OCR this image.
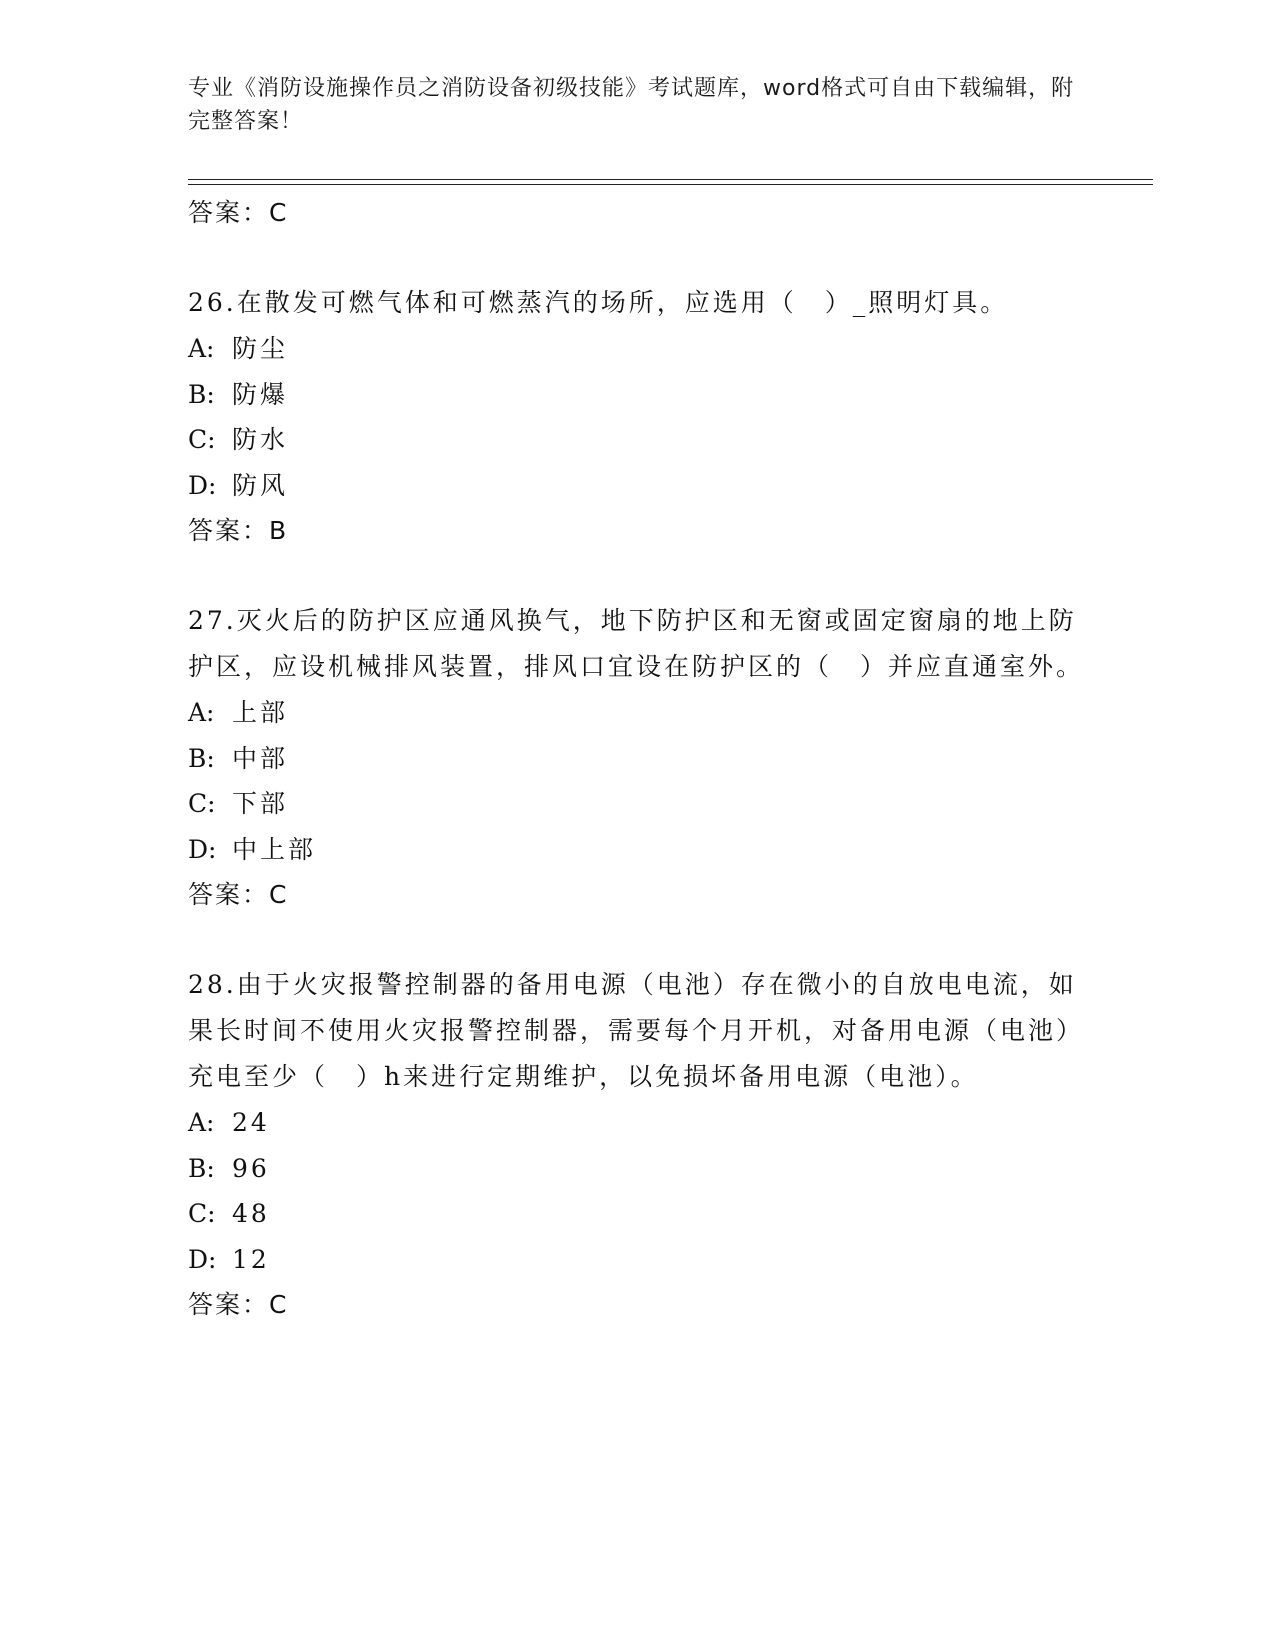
专业《消防设施操作员之消防设备初级技能》考试题库，word格式可自由下载编辑，附完整答案！
答案：C
26.在散发可燃气体和可燃蒸汽的场所，应选用（　）_照明灯具。
A: 防尘
B: 防爆
C: 防水
D: 防风
答案：B
27.灭火后的防护区应通风换气，地下防护区和无窗或固定窗扇的地上防护区，应设机械排风装置，排风口宜设在防护区的（　）并应直通室外。
A: 上部
B: 中部
C: 下部
D: 中上部
答案：C
28.由于火灾报警控制器的备用电源（电池）存在微小的自放电电流，如果长时间不使用火灾报警控制器，需要每个月开机，对备用电源（电池）充电至少（　）h来进行定期维护，以免损坏备用电源（电池）。
A: 24
B: 96
C: 48
D: 12
答案：C
